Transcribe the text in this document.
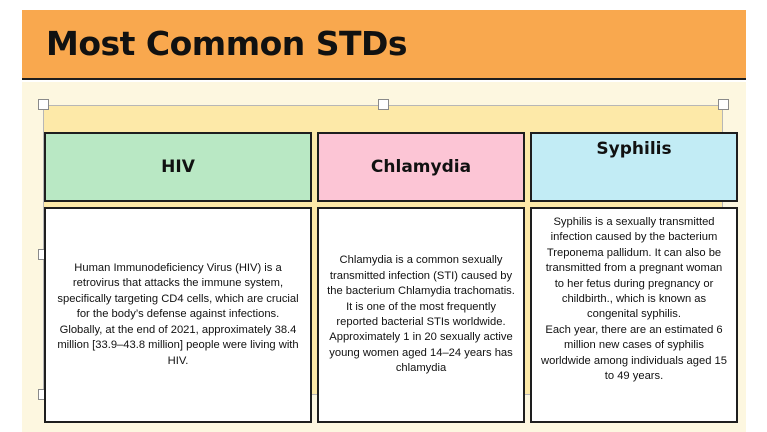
Most Common STDs
HIV	Chlamydia
Syphilis

Human Immunodeficiency Virus (HIV) is a retrovirus that attacks the immune system, specifically targeting CD4 cells, which are crucial for the body’s defense against infections.
Globally, at the end of 2021, approximately 38.4 million [33.9–43.8 million] people were living with HIV.

Chlamydia is a common sexually transmitted infection (STI) caused by the bacterium Chlamydia trachomatis. It is one of the most frequently reported bacterial STIs worldwide.
Approximately 1 in 20 sexually active young women aged 14–24 years has chlamydia

Syphilis is a sexually transmitted infection caused by the bacterium Treponema pallidum. It can also be transmitted from a pregnant woman to her fetus during pregnancy or childbirth., which is known as congenital syphilis.
Each year, there are an estimated 6 million new cases of syphilis worldwide among individuals aged 15 to 49 years.
